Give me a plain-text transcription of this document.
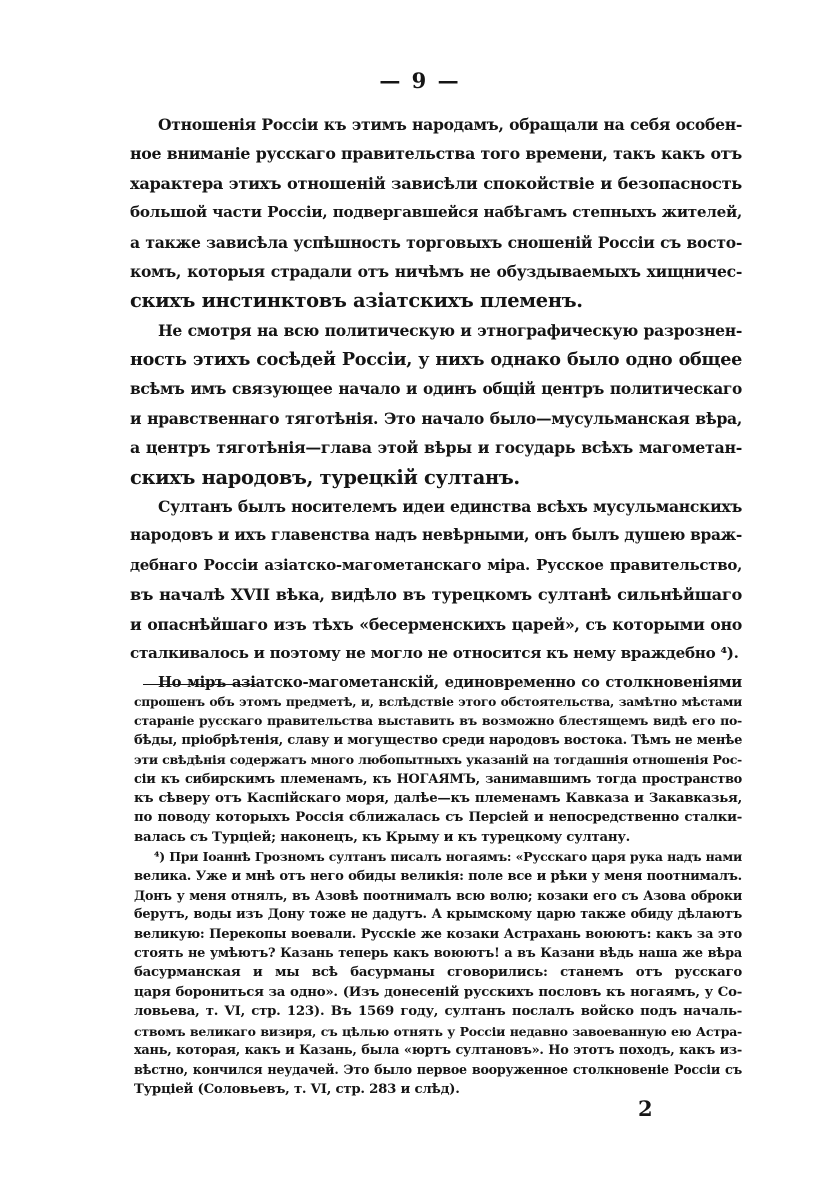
— 9 —
Отношенія Россіи къ этимъ народамъ, обращали на себя особен-
ное вниманіе русскаго правительства того времени, такъ какъ отъ
характера этихъ отношеній зависѣли спокойствіе и безопасность
большой части Россіи, подвергавшейся набѣгамъ степныхъ жителей,
а также зависѣла успѣшность торговыхъ сношеній Россіи съ восто-
комъ, которыя страдали отъ ничѣмъ не обуздываемыхъ хищничес-
скихъ инстинктовъ азіатскихъ племенъ.
Не смотря на всю политическую и этнографическую разрознен-
ность этихъ сосѣдей Россіи, у нихъ однако было одно общее
всѣмъ имъ связующее начало и одинъ общій центръ политическаго
и нравственнаго тяготѣнія. Это начало было—мусульманская вѣра,
а центръ тяготѣнія—глава этой вѣры и государь всѣхъ магометан-
скихъ народовъ, турецкій султанъ.
Султанъ былъ носителемъ идеи единства всѣхъ мусульманскихъ
народовъ и ихъ главенства надъ невѣрными, онъ былъ душею враж-
дебнаго Россіи азіатско-магометанскаго міра. Русское правительство,
въ началѣ XVII вѣка, видѣло въ турецкомъ султанѣ сильнѣйшаго
и опаснѣйшаго изъ тѣхъ «бесерменскихъ царей», съ которыми оно
сталкивалось и поэтому не могло не относится къ нему враждебно ⁴).
Но міръ азіатско-магометанскій, единовременно со столкновеніями
спрошенъ объ этомъ предметѣ, и, вслѣдствіе этого обстоятельства, замѣтно мѣстами
стараніе русскаго правительства выставить въ возможно блестящемъ видѣ его по-
бѣды, пріобрѣтенія, славу и могущество среди народовъ востока. Тѣмъ не менѣе
эти свѣдѣнія содержатъ много любопытныхъ указаній на тогдашнія отношенія Рос-
сіи къ сибирскимъ племенамъ, къ НОГАЯМЪ, занимавшимъ тогда пространство
къ сѣверу отъ Каспійскаго моря, далѣе—къ племенамъ Кавказа и Закавказья,
по поводу которыхъ Россія сближалась съ Персіей и непосредственно сталки-
валась съ Турціей; наконецъ, къ Крыму и къ турецкому султану.
⁴) При Іоаннѣ Грозномъ султанъ писалъ ногаямъ: «Русскаго царя рука надъ нами
велика. Уже и мнѣ отъ него обиды великія: поле все и рѣки у меня поотнималъ.
Донъ у меня отнялъ, въ Азовѣ поотнималъ всю волю; козаки его съ Азова оброки
берутъ, воды изъ Дону тоже не дадутъ. А крымскому царю также обиду дѣлаютъ
великую: Перекопы воевали. Русскіе же козаки Астрахань воюютъ: какъ за это
стоять не умѣютъ? Казань теперь какъ воюютъ! а въ Казани вѣдь наша же вѣра
басурманская и мы всѣ басурманы сговорились: станемъ отъ русскаго
царя борониться за одно». (Изъ донесеній русскихъ пословъ къ ногаямъ, у Со-
ловьева, т. VI, стр. 123). Въ 1569 году, султанъ послалъ войско подъ началь-
ствомъ великаго визиря, съ цѣлью отнять у Россіи недавно завоеванную ею Астра-
хань, которая, какъ и Казань, была «юртъ султановъ». Но этотъ походъ, какъ из-
вѣстно, кончился неудачей. Это было первое вооруженное столкновеніе Россіи съ
Турціей (Соловьевъ, т. VI, стр. 283 и слѣд).
2
